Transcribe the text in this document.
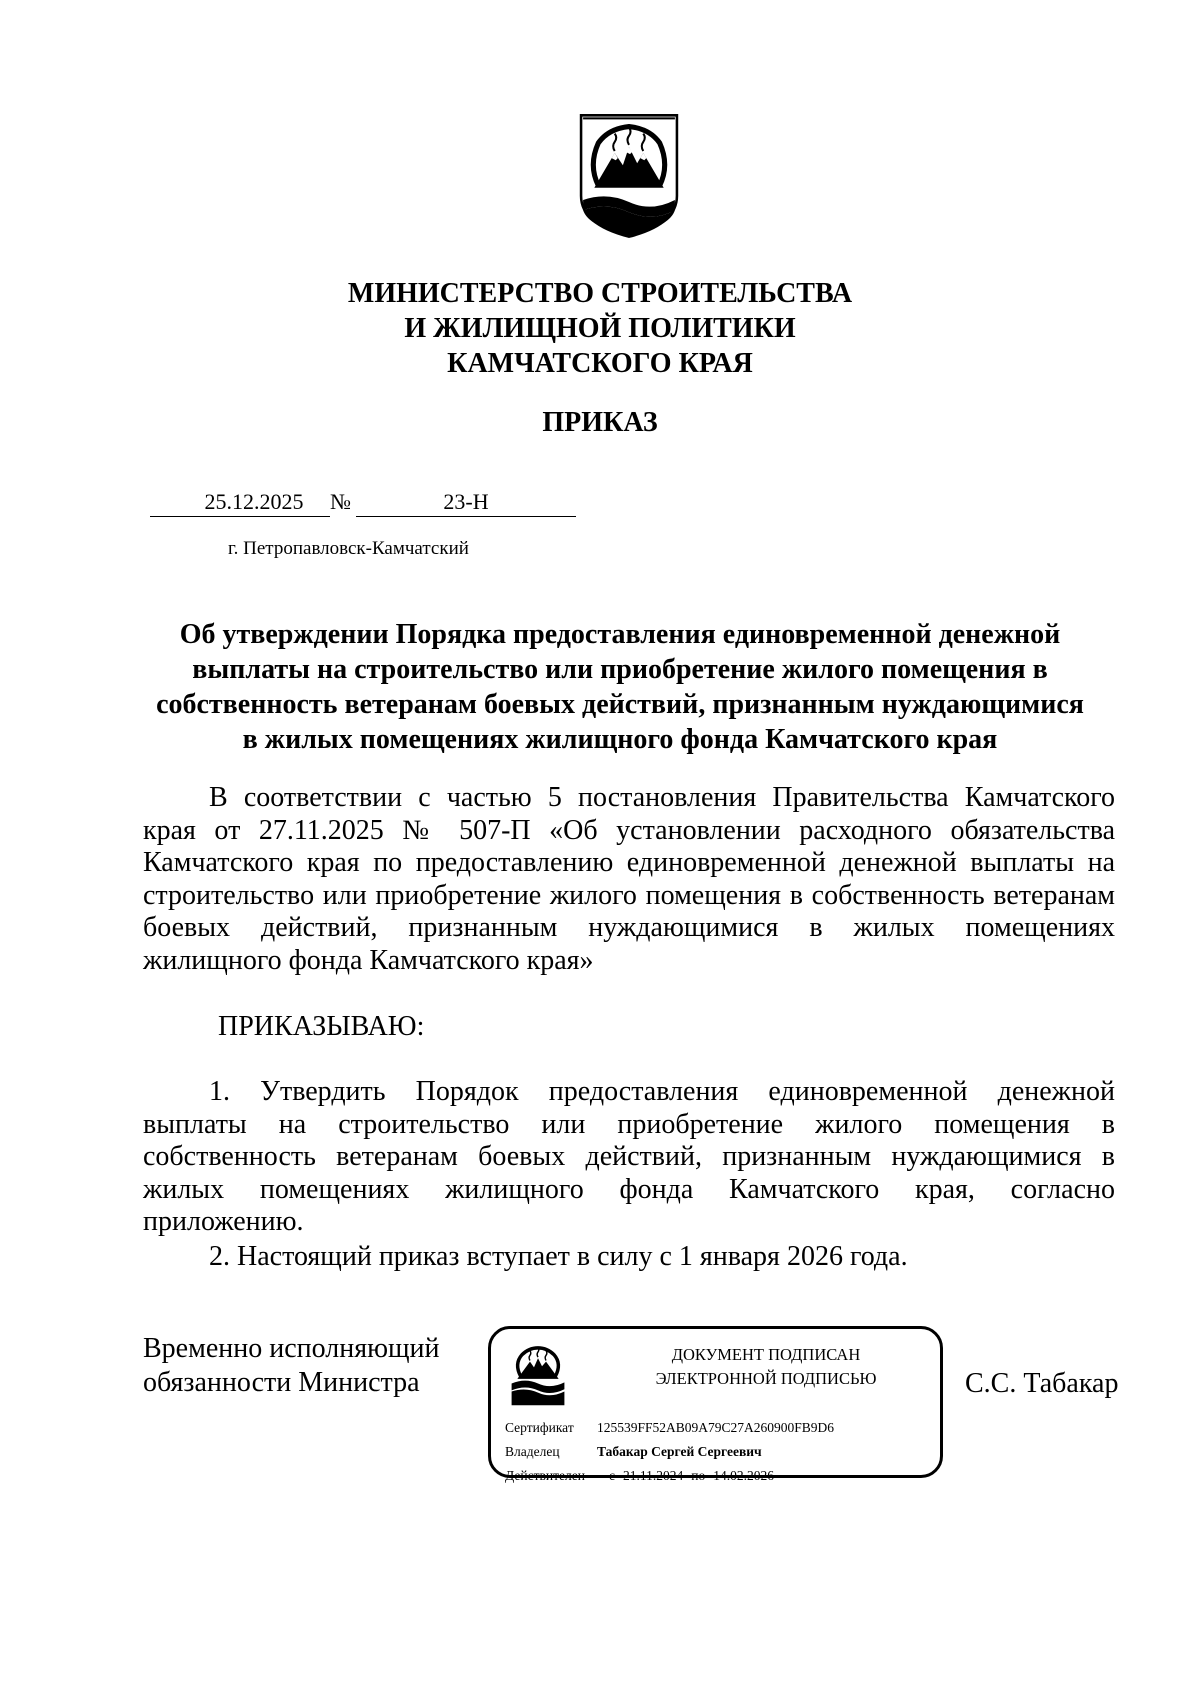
МИНИСТЕРСТВО СТРОИТЕЛЬСТВА
И ЖИЛИЩНОЙ ПОЛИТИКИ
КАМЧАТСКОГО КРАЯ
ПРИКАЗ
25.12.2025	№	23-Н
г. Петропавловск-Камчатский
Об утверждении Порядка предоставления единовременной денежной
выплаты на строительство или приобретение жилого помещения в
собственность ветеранам боевых действий, признанным нуждающимися
в жилых помещениях жилищного фонда Камчатского края
В соответствии с частью 5 постановления Правительства Камчатского
края от 27.11.2025 № 507-П «Об установлении расходного обязательства
Камчатского края по предоставлению единовременной денежной выплаты на
строительство или приобретение жилого помещения в собственность ветеранам
боевых действий, признанным нуждающимися в жилых помещениях
жилищного фонда Камчатского края»
ПРИКАЗЫВАЮ:
1. Утвердить Порядок предоставления единовременной денежной
выплаты на строительство или приобретение жилого помещения в
собственность ветеранам боевых действий, признанным нуждающимися в
жилых помещениях жилищного фонда Камчатского края, согласно
приложению.
2. Настоящий приказ вступает в силу с 1 января 2026 года.
Временно исполняющий
обязанности Министра
ДОКУМЕНТ ПОДПИСАН
ЭЛЕКТРОННОЙ ПОДПИСЬЮ
Сертификат 125539FF52AB09A79C27A260900FB9D6
Владелец	Табакар Сергей Сергеевич
Действителен с 21.11.2024 по 14.02.2026
С.С. Табакар
